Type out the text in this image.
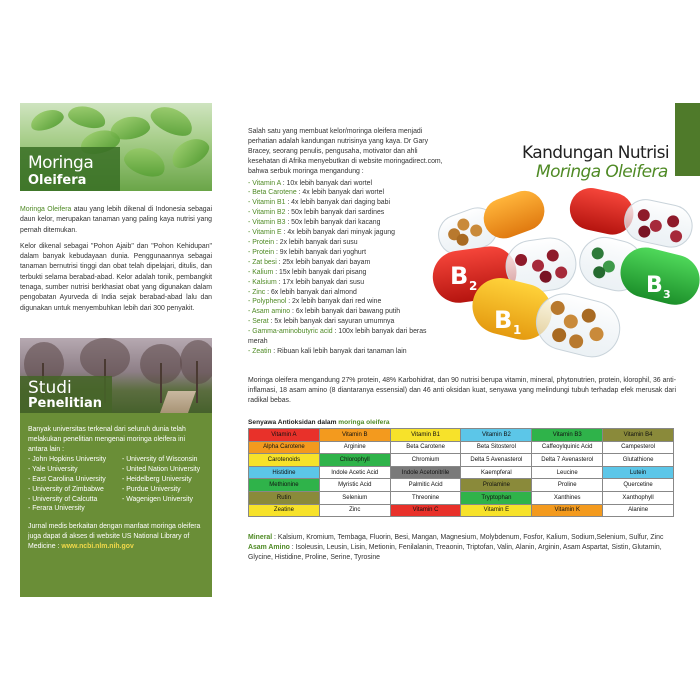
Moringa
Oleifera

Moringa Oleifera atau yang lebih dikenal di Indonesia sebagai daun kelor, merupakan tanaman yang paling kaya nutrisi yang pernah ditemukan.

Kelor dikenal sebagai "Pohon Ajaib" dan "Pohon Kehidupan" dalam banyak kebudayaan dunia. Penggunaannya sebagai tanaman bernutrisi tinggi dan obat telah dipelajari, ditulis, dan terbukti selama berabad-abad. Kelor adalah tonik, pembangkit tenaga, sumber nutrisi berkhasiat obat yang digunakan dalam pengobatan Ayurveda di India sejak berabad-abad lalu dan digunakan untuk menyembuhkan lebih dari 300 penyakit.

Studi
Penelitian

Banyak universitas terkenal dari seluruh dunia telah melakukan penelitian mengenai moringa oleifera ini antara lain :

- John Hopkins University	- University of Wisconsin
- Yale University	- United Nation University
- East Carolina University	- Heidelberg University
- University of Zimbabwe	- Purdue University
- University of Calcutta	- Wagenigen University
- Ferara University

Jurnal medis berkaitan dengan manfaat moringa oleifera juga dapat di akses di website US National Library of Medicine : www.ncbi.nlm.nih.gov

Salah satu yang membuat kelor/moringa oleifera menjadi perhatian adalah kandungan nutrisinya yang kaya. Dr Gary Bracey, seorang penulis, pengusaha, motivator dan ahli kesehatan di Afrika menyebutkan di website moringadirect.com, bahwa serbuk moringa mengandung :

- Vitamin A : 10x lebih banyak dari wortel
- Beta Carotene : 4x lebih banyak dari wortel
- Vitamin B1 : 4x lebih banyak dari daging babi
- Vitamin B2 : 50x lebih banyak dari sardines
- Vitamin B3 : 50x lebih banyak dari kacang
- Vitamin E : 4x lebih banyak dari minyak jagung
- Protein : 2x lebih banyak dari susu
- Protein : 9x lebih banyak dari yoghurt
- Zat besi : 25x lebih banyak dari bayam
- Kalium : 15x lebih banyak dari pisang
- Kalsium : 17x lebih banyak dari susu
- Zinc : 6x lebih banyak dari almond
- Polyphenol : 2x lebih banyak dari red wine
- Asam amino : 6x lebih banyak dari bawang putih
- Serat : 5x lebih banyak dari sayuran umumnya
- Gamma-aminobutyric acid : 100x lebih banyak dari beras merah
- Zeatin : Ribuan kali lebih banyak dari tanaman lain
Kandungan Nutrisi
Moringa Oleifera
B 2	B 3
B 1
Moringa oleifera mengandung 27% protein, 48% Karbohidrat, dan 90 nutrisi berupa vitamin, mineral, phytonutrien, protein, klorophil, 36 anti-inflamasi, 18 asam amino (8 diantaranya essensial) dan 46 anti oksidan kuat, senyawa yang melindungi tubuh terhadap efek merusak dari radikal bebas.
Senyawa Antioksidan dalam moringa oleifera
Vitamin A	Vitamin B	Vitamin B1	Vitamin B2	Vitamin B3	Vitamin B4
Alpha Carotene	Arginine	Beta Carotene	Beta Sitosterol	Caffeoylquinic Acid	Campesterol
Carotenoids	Chlorophyll	Chromium	Delta 5 Avenasterol	Delta 7 Avenasterol	Glutathione
Histidine	Indole Acetic Acid	Indole Acetonitrile	Kaempferal	Leucine	Lutein
Methionine	Myristic Acid	Palmitic Acid	Prolamine	Proline	Quercetine
Rutin	Selenium	Threonine	Tryptophan	Xanthines	Xanthophyll
Zeatine	Zinc	Vitamin C	Vitamin E	Vitamin K	Alanine

Mineral : Kalsium, Kromium, Tembaga, Fluorin, Besi, Mangan, Magnesium, Molybdenum, Fosfor, Kalium, Sodium,Selenium, Sulfur, Zinc

Asam Amino : Isoleusin, Leusin, Lisin, Metionin, Fenilalanin, Treaonin, Triptofan, Valin, Alanin, Arginin, Asam Aspartat, Sistin, Glutamin, Glycine, Histidine, Proline, Serine, Tyrosine
